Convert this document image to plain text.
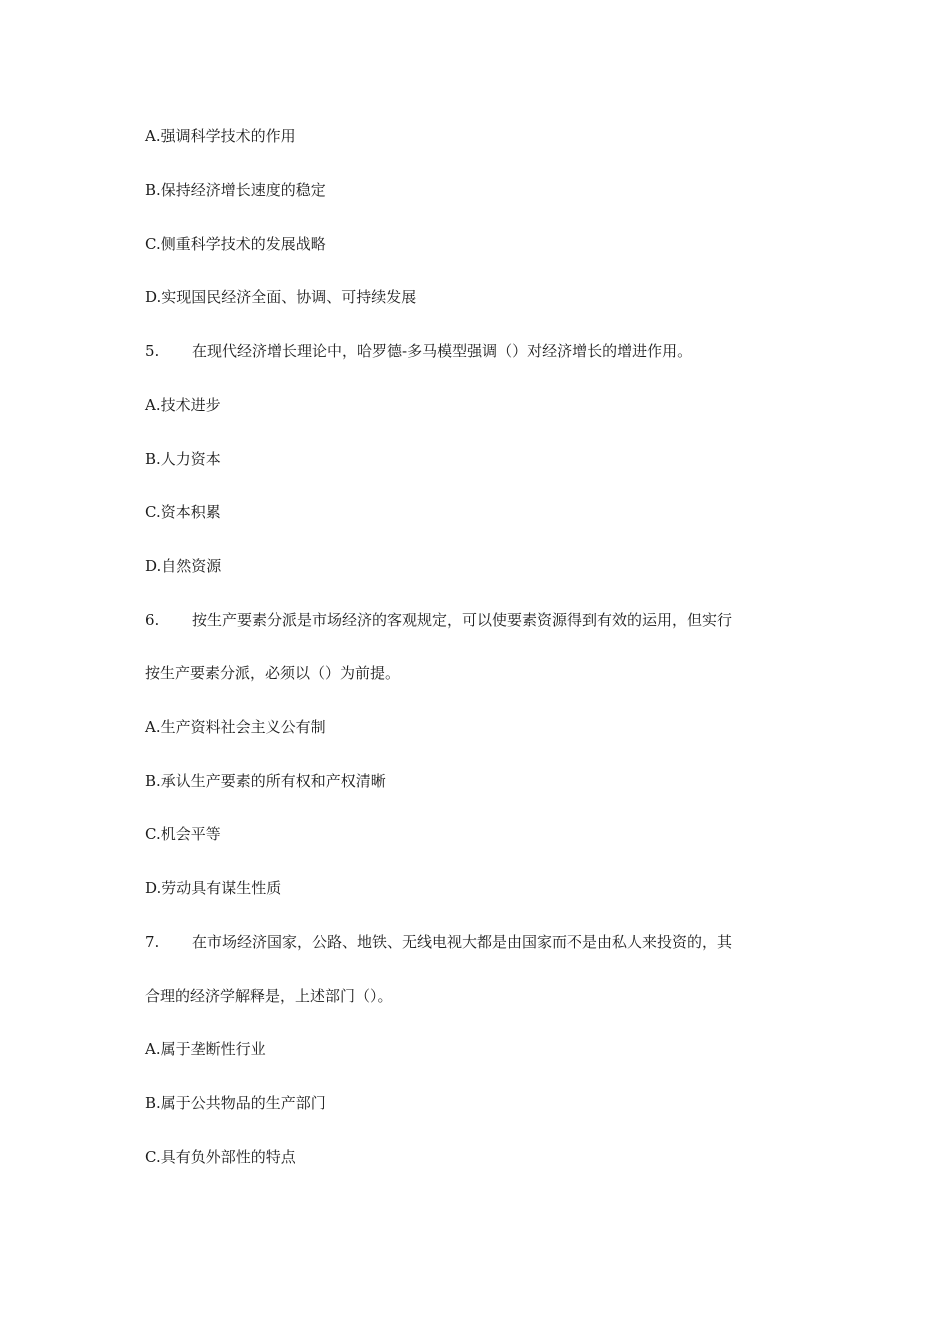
A.强调科学技术的作用
B.保持经济增长速度的稳定
C.侧重科学技术的发展战略
D.实现国民经济全面、协调、可持续发展
5. 在现代经济增长理论中，哈罗德-多马模型强调（）对经济增长的增进作用。
A.技术进步
B.人力资本
C.资本积累
D.自然资源
6. 按生产要素分派是市场经济的客观规定，可以使要素资源得到有效的运用，但实行
按生产要素分派，必须以（）为前提。
A.生产资料社会主义公有制
B.承认生产要素的所有权和产权清晰
C.机会平等
D.劳动具有谋生性质
7. 在市场经济国家，公路、地铁、无线电视大都是由国家而不是由私人来投资的，其
合理的经济学解释是，上述部门（）。
A.属于垄断性行业
B.属于公共物品的生产部门
C.具有负外部性的特点
